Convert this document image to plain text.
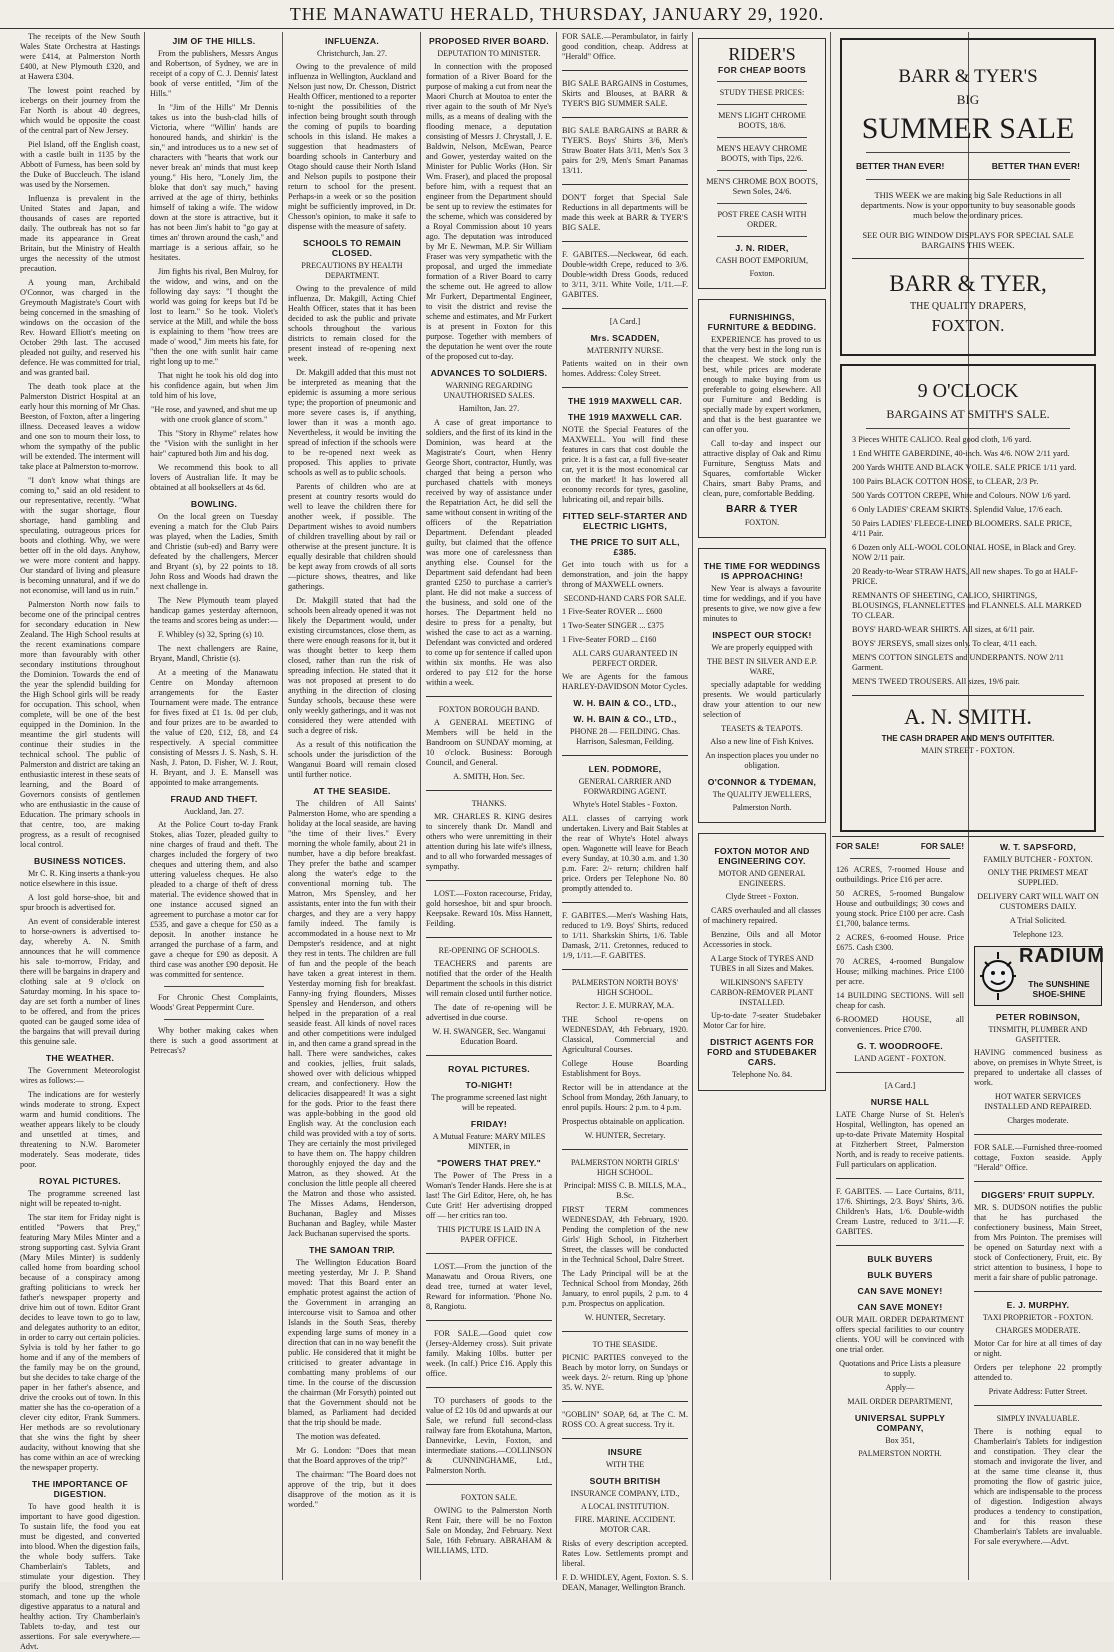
THE MANAWATU HERALD, THURSDAY, JANUARY 29, 1920.

The receipts of the New South Wales State Orchestra at Hastings were £414, at Palmerston North £400, at New Plymouth £320, and at Hawera £304.

The lowest point reached by icebergs on their journey from the Far North is about 40 degrees, which would be opposite the coast of the central part of New Jersey.

Piel Island, off the English coast, with a castle built in 1135 by the Abbott of Furness, has been sold by the Duke of Buccleuch. The island was used by the Norsemen.

Influenza is prevalent in the United States and Japan, and thousands of cases are reported daily. The outbreak has not so far made its appearance in Great Britain, but the Ministry of Health urges the necessity of the utmost precaution.

A young man, Archibald O'Connor, was charged in the Greymouth Magistrate's Court with being concerned in the smashing of windows on the occasion of the Rev. Howard Elliott's meeting on October 29th last. The accused pleaded not guilty, and reserved his defence. He was committed for trial, and was granted bail.

The death took place at the Palmerston District Hospital at an early hour this morning of Mr Chas. Beeston, of Foxton, after a lingering illness. Deceased leaves a widow and one son to mourn their loss, to whom the sympathy of the public will be extended. The interment will take place at Palmerston to-morrow.

"I don't know what things are coming to," said an old resident to our representative, recently. "What with the sugar shortage, flour shortage, hand gambling and speculating, outrageous prices for boots and clothing. Why, we were better off in the old days. Anyhow, we were more content and happy. Our standard of living and pleasure is becoming unnatural, and if we do not economise, will land us in ruin."

Palmerston North now fails to become one of the principal centres for secondary education in New Zealand. The High School results at the recent examinations compare more than favourably with other secondary institutions throughout the Dominion. Towards the end of the year the splendid building for the High School girls will be ready for occupation. This school, when complete, will be one of the best equipped in the Dominion. In the meantime the girl students will continue their studies in the technical school. The public of Palmerston and district are taking an enthusiastic interest in these seats of learning, and the Board of Governors consists of gentlemen who are enthusiastic in the cause of Education. The primary schools in that centre, too, are making progress, as a result of recognised local control.

BUSINESS NOTICES.

Mr C. R. King inserts a thank-you notice elsewhere in this issue.

A lost gold horse-shoe, bit and spur brooch is advertised for.

An event of considerable interest to horse-owners is advertised to-day, whereby A. N. Smith announces that he will commence his sale to-morrow, Friday, and there will be bargains in drapery and clothing sale at 9 o'clock on Saturday morning. In his space to-day are set forth a number of lines to be offered, and from the prices quoted can be gauged some idea of the bargains that will prevail during this genuine sale.

THE WEATHER.

The Government Meteorologist wires as follows:—

The indications are for westerly winds moderate to strong. Expect warm and humid conditions. The weather appears likely to be cloudy and unsettled at times, and threatening to N.W. Barometer moderately. Seas moderate, tides poor.

ROYAL PICTURES.

The programme screened last night will be repeated to-night.

The star item for Friday night is entitled "Powers that Prey," featuring Mary Miles Minter and a strong supporting cast. Sylvia Grant (Mary Miles Minter) is suddenly called home from boarding school because of a conspiracy among grafting politicians to wreck her father's newspaper property and drive him out of town. Editor Grant decides to leave town to go to law, and delegates authority to an editor, in order to carry out certain policies. Sylvia is told by her father to go home and if any of the members of the family may be on the ground, but she decides to take charge of the paper in her father's absence, and drive the crooks out of town. In this matter she has the co-operation of a clever city editor, Frank Summers. Her methods are so revolutionary that she wins the fight by sheer audacity, without knowing that she has come within an ace of wrecking the newspaper property.

THE IMPORTANCE OF DIGESTION.

To have good health it is important to have good digestion. To sustain life, the food you eat must be digested, and converted into blood. When the digestion fails, the whole body suffers. Take Chamberlain's Tablets, and stimulate your digestion. They purify the blood, strengthen the stomach, and tone up the whole digestive apparatus to a natural and healthy action. Try Chamberlain's Tablets to-day, and test our assertions. For sale everywhere.—Advt.

JIM OF THE HILLS.

From the publishers, Messrs Angus and Robertson, of Sydney, we are in receipt of a copy of C. J. Dennis' latest book of verse entitled, "Jim of the Hills."

In "Jim of the Hills" Mr Dennis takes us into the bush-clad hills of Victoria, where "Willin' hands are honoured hands, and shirkin' is the sin," and introduces us to a new set of characters with "hearts that work our never break an' minds that must keep young." His hero, "Lonely Jim, the bloke that don't say much," having arrived at the age of thirty, bethinks himself of taking a wife. The widow down at the store is attractive, but it has not been Jim's habit to "go gay at times an' thrown around the cash," and marriage is a serious affair, so he hesitates.

Jim fights his rival, Ben Mulroy, for the widow, and wins, and on the following day says: "I thought the world was going for keeps but I'd be lost to learn." So he took. Violet's service at the Mill, and while the boss is explaining to them "how trees are made o' wood," Jim meets his fate, for "then the one with sunlit hair came right long up to me."

That night he took his old dog into his confidence again, but when Jim told him of his love,

"He rose, and yawned, and shut me up with one crook glance of scorn."

This "Story in Rhyme" relates how the "Vision with the sunlight in her hair" captured both Jim and his dog.

We recommend this book to all lovers of Australian life. It may be obtained at all booksellers at 4s 6d.

BOWLING.

On the local green on Tuesday evening a match for the Club Pairs was played, when the Ladies, Smith and Christie (sub-ed) and Barry were defeated by the challengers, Mercer and Bryant (s), by 22 points to 18. John Ross and Woods had drawn the next challenge in.

The New Plymouth team played handicap games yesterday afternoon, the teams and scores being as under:—

F. Whibley (s) 32, Spring (s) 10.

The next challengers are Raine, Bryant, Mandl, Christie (s).

At a meeting of the Manawatu Centre on Monday afternoon arrangements for the Easter Tournament were made. The entrance for fives fixed at £1 1s. 0d per club, and four prizes are to be awarded to the value of £20, £12, £8, and £4 respectively. A special committee consisting of Messrs J. S. Nash, S. H. Nash, J. Paton, D. Fisher, W. J. Rout, H. Bryant, and J. E. Mansell was appointed to make arrangements.

FRAUD AND THEFT.
Auckland, Jan. 27.

At the Police Court to-day Frank Stokes, alias Tozer, pleaded guilty to nine charges of fraud and theft. The charges included the forgery of two cheques and uttering them, and also uttering valueless cheques. He also pleaded to a charge of theft of dress material. The evidence showed that in one instance accused signed an agreement to purchase a motor car for £535, and gave a cheque for £50 as a deposit. In another instance he arranged the purchase of a farm, and gave a cheque for £90 as deposit. A third case was another £90 deposit. He was committed for sentence.

For Chronic Chest Complaints, Woods' Great Peppermint Cure.

Why bother making cakes when there is such a good assortment at Petrecas's?

INFLUENZA.
Christchurch, Jan. 27.

Owing to the prevalence of mild influenza in Wellington, Auckland and Nelson just now, Dr. Chesson, District Health Officer, mentioned to a reporter to-night the possibilities of the infection being brought south through the coming of pupils to boarding schools in this island. He makes a suggestion that headmasters of boarding schools in Canterbury and Otago should cause their North Island and Nelson pupils to postpone their return to school for the present. Perhaps-in a week or so the position might be sufficiently improved, in Dr. Chesson's opinion, to make it safe to dispense with the measure of safety.

SCHOOLS TO REMAIN CLOSED.
PRECAUTIONS BY HEALTH DEPARTMENT.

Owing to the prevalence of mild influenza, Dr. Makgill, Acting Chief Health Officer, states that it has been decided to ask the public and private schools throughout the various districts to remain closed for the present instead of re-opening next week.

Dr. Makgill added that this must not be interpreted as meaning that the epidemic is assuming a more serious type; the proportion of pneumonic and more severe cases is, if anything, lower than it was a month ago. Nevertheless, it would be inviting the spread of infection if the schools were to be re-opened next week as proposed. This applies to private schools as well as to public schools.

Parents of children who are at present at country resorts would do well to leave the children there for another week, if possible. The Department wishes to avoid numbers of children travelling about by rail or otherwise at the present juncture. It is equally desirable that children should be kept away from crowds of all sorts—picture shows, theatres, and like gatherings.

Dr. Makgill stated that had the schools been already opened it was not likely the Department would, under existing circumstances, close them, as there were enough reasons for it, but it was thought better to keep them closed, rather than run the risk of spreading infection. He stated that it was not proposed at present to do anything in the direction of closing Sunday schools, because these were only weekly gatherings, and it was not considered they were attended with such a degree of risk.

As a result of this notification the schools under the jurisdiction of the Wanganui Board will remain closed until further notice.

AT THE SEASIDE.

The children of All Saints' Palmerston Home, who are spending a holiday at the local seaside, are having "the time of their lives." Every morning the whole family, about 21 in number, have a dip before breakfast. They prefer the bathe and scamper along the water's edge to the conventional morning tub. The Matron, Mrs Spensley, and her assistants, enter into the fun with their charges, and they are a very happy family indeed. The family is accommodated in a house next to Mr Dempster's residence, and at night they rest in tents. The children are full of fun and the people of the beach have taken a great interest in them. Yesterday morning fish for breakfast. Fanny-ing frying flounders, Misses Spensley and Henderson, and others helped in the preparation of a real seaside feast. All kinds of novel races and other competitions were indulged in, and then came a grand spread in the hall. There were sandwiches, cakes and cookies, jellies, fruit salads, showed over with delicious whipped cream, and confectionery. How the delicacies disappeared! It was a sight for the gods. Prior to the feast there was apple-bobbing in the good old English way. At the conclusion each child was provided with a toy of sorts. They are certainly the most privileged to have them on. The happy children thoroughly enjoyed the day and the Matron, as they showed. At the conclusion the little people all cheered the Matron and those who assisted. The Misses Adams, Henderson, Buchanan, Bagley and Misses Buchanan and Bagley, while Master Jack Buchanan supervised the sports.

THE SAMOAN TRIP.

The Wellington Education Board meeting yesterday, Mr J. P. Shand moved: That this Board enter an emphatic protest against the action of the Government in arranging an intercourse visit to Samoa and other Islands in the South Seas, thereby expending large sums of money in a direction that can in no way benefit the public. He considered that it might be criticised to greater advantage in combatting many problems of our time. In the course of the discussion the chairman (Mr Forsyth) pointed out that the Government should not be blamed, as Parliament had decided that the trip should be made.

The motion was defeated.

Mr G. London: "Does that mean that the Board approves of the trip?"

The chairman: "The Board does not approve of the trip, but it does disapprove of the motion as it is worded."

PROPOSED RIVER BOARD.
DEPUTATION TO MINISTER.

In connection with the proposed formation of a River Board for the purpose of making a cut from near the Maori Church at Moutoa to enter the river again to the south of Mr Nye's mills, as a means of dealing with the flooding menace, a deputation consisting of Messrs J. Chrystall, J. E. Baldwin, Nelson, McEwan, Pearce and Gower, yesterday waited on the Minister for Public Works (Hon. Sir Wm. Fraser), and placed the proposal before him, with a request that an engineer from the Department should be sent up to review the estimates for the scheme, which was considered by a Royal Commission about 10 years ago. The deputation was introduced by Mr E. Newman, M.P. Sir William Fraser was very sympathetic with the proposal, and urged the immediate formation of a River Board to carry the scheme out. He agreed to allow Mr Furkert, Departmental Engineer, to visit the district and revise the scheme and estimates, and Mr Furkert is at present in Foxton for this purpose. Together with members of the deputation he went over the route of the proposed cut to-day.

ADVANCES TO SOLDIERS.
WARNING REGARDING UNAUTHORISED SALES.

Hamilton, Jan. 27.

A case of great importance to soldiers, and the first of its kind in the Dominion, was heard at the Magistrate's Court, when Henry George Short, contractor, Huntly, was charged that being a person who purchased chattels with moneys received by way of assistance under the Repatriation Act, he did sell the same without consent in writing of the officers of the Repatriation Department. Defendant pleaded guilty, but claimed that the offence was more one of carelessness than anything else. Counsel for the Department said defendant had been granted £250 to purchase a carrier's plant. He did not make a success of the business, and sold one of the horses. The Department held no desire to press for a penalty, but wished the case to act as a warning. Defendant was convicted and ordered to come up for sentence if called upon within six months. He was also ordered to pay £12 for the horse within a week.

FOXTON BOROUGH BAND.

A GENERAL MEETING of Members will be held in the Bandroom on SUNDAY morning, at 10 o'clock. Business: Borough Council, and General.

A. SMITH, Hon. Sec.

THANKS.

MR. CHARLES R. KING desires to sincerely thank Dr. Mandl and others who were unremitting in their attention during his late wife's illness, and to all who forwarded messages of sympathy.

LOST.—Foxton racecourse, Friday, gold horseshoe, bit and spur brooch. Keepsake. Reward 10s. Miss Hannett, Feilding.

RE-OPENING OF SCHOOLS.

TEACHERS and parents are notified that the order of the Health Department the schools in this district will remain closed until further notice.

The date of re-opening will be advertised in due course.

W. H. SWANGER, Sec. Wanganui Education Board.

ROYAL PICTURES.
TO-NIGHT!

The programme screened last night will be repeated.

FRIDAY!

A Mutual Feature: MARY MILES MINTER, in

"POWERS THAT PREY."

The Power of The Press in a Woman's Tender Hands. Here she is at last! The Girl Editor, Here, oh, he has Cute Grit! Her advertising dropped off — her critics ran too.

THIS PICTURE IS LAID IN A PAPER OFFICE.

LOST.—From the junction of the Manawatu and Oroua Rivers, one dead tree, turned at water level, Reward for information. 'Phone No. 8, Rangiotu.

FOR SALE.—Good quiet cow (Jersey-Alderney cross). Suit private family. Making 10lbs. butter per week. (In calf.) Price £16. Apply this office.

TO purchasers of goods to the value of £2 10s 0d and upwards at our Sale, we refund full second-class railway fare from Ekotahuna, Marton, Dannevirke, Levin, Foxton, and intermediate stations.—COLLINSON & CUNNINGHAME, Ltd., Palmerston North.

FOXTON SALE.

OWING to the Palmerston North Rent Fair, there will be no Foxton Sale on Monday, 2nd February. Next Sale, 16th February. ABRAHAM & WILLIAMS, LTD.

FOR SALE.—Perambulator, in fairly good condition, cheap. Address at "Herald" Office.

BIG SALE BARGAINS in Costumes, Skirts and Blouses, at BARR & TYER'S BIG SUMMER SALE.

BIG SALE BARGAINS at BARR & TYER'S. Boys' Shirts 3/6, Men's Straw Boater Hats 3/11, Men's Sox 3 pairs for 2/9, Men's Smart Panamas 13/11.

DON'T forget that Special Sale Reductions in all departments will be made this week at BARR & TYER'S BIG SALE.

F. GABITES.—Neckwear, 6d each. Double-width Crepe, reduced to 3/6. Double-width Dress Goods, reduced to 3/11, 3/11. White Voile, 1/11.—F. GABITES.

[A Card.]
Mrs. SCADDEN,
MATERNITY NURSE.

Patients waited on in their own homes. Address: Coley Street.

THE 1919 MAXWELL CAR.
THE 1919 MAXWELL CAR.

NOTE the Special Features of the MAXWELL. You will find these features in cars that cost double the price. It is a fast car, a full five-seater car, yet it is the most economical car on the market! It has lowered all economy records for tyres, gasoline, lubricating oil, and repair bills.

FITTED SELF-STARTER AND ELECTRIC LIGHTS,
THE PRICE TO SUIT ALL, £385.

Get into touch with us for a demonstration, and join the happy throng of MAXWELL owners.

SECOND-HAND CARS FOR SALE.

1 Five-Seater ROVER ... £600

1 Two-Seater SINGER ... £375

1 Five-Seater FORD ... £160

ALL CARS GUARANTEED IN PERFECT ORDER.

We are Agents for the famous HARLEY-DAVIDSON Motor Cycles.

W. H. BAIN & CO., LTD.,
W. H. BAIN & CO., LTD.,

PHONE 28 — FEILDING. Chas. Harrison, Salesman, Feilding.

LEN. PODMORE,
GENERAL CARRIER AND FORWARDING AGENT.

Whyte's Hotel Stables - Foxton.

ALL classes of carrying work undertaken. Livery and Bait Stables at the rear of Whyte's Hotel always open. Wagonette will leave for Beach every Sunday, at 10.30 a.m. and 1.30 p.m. Fare: 2/- return; children half price. Orders per Telephone No. 80 promptly attended to.

F. GABITES.—Men's Washing Hats, reduced to 1/9. Boys' Shirts, reduced to 1/11. Sharkskin Shirts, 1/6. Table Damask, 2/11. Cretonnes, reduced to 1/9, 1/11.—F. GABITES.

PALMERSTON NORTH BOYS' HIGH SCHOOL.

Rector: J. E. MURRAY, M.A.

THE School re-opens on WEDNESDAY, 4th February, 1920. Classical, Commercial and Agricultural Courses.

College House Boarding Establishment for Boys.

Rector will be in attendance at the School from Monday, 26th January, to enrol pupils. Hours: 2 p.m. to 4 p.m.

Prospectus obtainable on application.

W. HUNTER, Secretary.

PALMERSTON NORTH GIRLS' HIGH SCHOOL.

Principal: MISS C. B. MILLS, M.A., B.Sc.

FIRST TERM commences WEDNESDAY, 4th February, 1920. Pending the completion of the new Girls' High School, in Fitzherbert Street, the classes will be conducted in the Technical School, Dalre Street.

The Lady Principal will be at the Technical School from Monday, 26th January, to enrol pupils, 2 p.m. to 4 p.m. Prospectus on application.

W. HUNTER, Secretary.

TO THE SEASIDE.

PICNIC PARTIES conveyed to the Beach by motor lorry, on Sundays or week days. 2/- return. Ring up 'phone 35. W. NYE.

"GOBLIN" SOAP, 6d, at The C. M. ROSS CO. A great success. Try it.

INSURE
WITH THE
SOUTH BRITISH
INSURANCE COMPANY, LTD.,
A LOCAL INSTITUTION.

FIRE. MARINE. ACCIDENT. MOTOR CAR.

Risks of every description accepted. Rates Low. Settlements prompt and liberal.

F. D. WHIDLEY, Agent, Foxton. S. S. DEAN, Manager, Wellington Branch.

RIDER'S
FOR CHEAP BOOTS
STUDY THESE PRICES:

MEN'S LIGHT CHROME BOOTS, 18/6.

MEN'S HEAVY CHROME BOOTS, with Tips, 22/6.

MEN'S CHROME BOX BOOTS, Sewn Soles, 24/6.

POST FREE CASH WITH ORDER.

J. N. RIDER,
CASH BOOT EMPORIUM,
Foxton.
FURNISHINGS, FURNITURE & BEDDING.

EXPERIENCE has proved to us that the very best in the long run is the cheapest. We stock only the best, while prices are moderate enough to make buying from us preferable to going elsewhere. All our Furniture and Bedding is specially made by expert workmen, and that is the best guarantee we can offer you.

Call to-day and inspect our attractive display of Oak and Rimu Furniture, Sengtuss Mats and Squares, comfortable Wicker Chairs, smart Baby Prams, and clean, pure, comfortable Bedding.

BARR & TYER
FOXTON.
THE TIME FOR WEDDINGS IS APPROACHING!

New Year is always a favourite time for weddings, and if you have presents to give, we now give a few minutes to

INSPECT OUR STOCK!

We are properly equipped with

THE BEST IN SILVER AND E.P. WARE,

specially adaptable for wedding presents. We would particularly draw your attention to our new selection of

TEASETS & TEAPOTS.

Also a new line of Fish Knives.

An inspection places you under no obligation.

O'CONNOR & TYDEMAN,
The QUALITY JEWELLERS,
Palmerston North.
FOXTON MOTOR AND ENGINEERING COY.
MOTOR AND GENERAL ENGINEERS.

Clyde Street - Foxton.

CARS overhauled and all classes of machinery repaired.

Benzine, Oils and all Motor Accessories in stock.

A Large Stock of TYRES AND TUBES in all Sizes and Makes.

WILKINSON'S SAFETY CARBON-REMOVER PLANT INSTALLED.

Up-to-date 7-seater Studebaker Motor Car for hire.

DISTRICT AGENTS FOR FORD and STUDEBAKER CARS.

Telephone No. 84.

BARR & TYER'S
BIG
SUMMER SALE
BETTER THAN EVER!	BETTER THAN EVER!

THIS WEEK we are making big Sale Reductions in all departments. Now is your opportunity to buy seasonable goods much below the ordinary prices.

SEE OUR BIG WINDOW DISPLAYS FOR SPECIAL SALE BARGAINS THIS WEEK.

BARR & TYER,
THE QUALITY DRAPERS,
FOXTON.
9 O'CLOCK
BARGAINS AT SMITH'S SALE.

3 Pieces WHITE CALICO. Real good cloth, 1/6 yard.

1 End WHITE GABERDINE, 40-inch. Was 4/6. NOW 2/11 yard.

200 Yards WHITE AND BLACK VOILE. SALE PRICE 1/11 yard.

100 Pairs BLACK COTTON HOSE, to CLEAR, 2/3 Pr.

500 Yards COTTON CREPE, White and Colours. NOW 1/6 yard.

6 Only LADIES' CREAM SKIRTS. Splendid Value, 17/6 each.

50 Pairs LADIES' FLEECE-LINED BLOOMERS. SALE PRICE, 4/11 Pair.

6 Dozen only ALL-WOOL COLONIAL HOSE, in Black and Grey. NOW 2/11 pair.

20 Ready-to-Wear STRAW HATS, All new shapes. To go at HALF-PRICE.

REMNANTS OF SHEETING, CALICO, SHIRTINGS, BLOUSINGS, FLANNELETTES and FLANNELS. ALL MARKED TO CLEAR.

BOYS' HARD-WEAR SHIRTS. All sizes, at 6/11 pair.

BOYS' JERSEYS, small sizes only. To clear, 4/11 each.

MEN'S COTTON SINGLETS and UNDERPANTS. NOW 2/11 Garment.

MEN'S TWEED TROUSERS. All sizes, 19/6 pair.

A. N. SMITH.
THE CASH DRAPER AND MEN'S OUTFITTER.
MAIN STREET - FOXTON.
FOR SALE!	FOR SALE!

126 ACRES, 7-roomed House and outbuildings. Price £16 per acre.

50 ACRES, 5-roomed Bungalow House and outbuildings; 30 cows and young stock. Price £100 per acre. Cash £1,700, balance terms.

2 ACRES, 6-roomed House. Price £675. Cash £300.

70 ACRES, 4-roomed Bungalow House; milking machines. Price £100 per acre.

14 BUILDING SECTIONS. Will sell cheap for cash.

6-ROOMED HOUSE, all conveniences. Price £700.

G. T. WOODROOFE.
LAND AGENT - FOXTON.
[A Card.]
NURSE HALL

LATE Charge Nurse of St. Helen's Hospital, Wellington, has opened an up-to-date Private Maternity Hospital at Fitzherbert Street, Palmerston North, and is ready to receive patients. Full particulars on application.

F. GABITES. — Lace Curtains, 8/11, 17/6. Shirtings, 2/3. Boys' Shirts, 3/6. Children's Hats, 1/6. Double-width Cream Lustre, reduced to 3/11.—F. GABITES.

BULK BUYERS
BULK BUYERS
CAN SAVE MONEY!
CAN SAVE MONEY!

OUR MAIL ORDER DEPARTMENT offers special facilities to our country clients. YOU will be convinced with one trial order.

Quotations and Price Lists a pleasure to supply.

Apply—

MAIL ORDER DEPARTMENT,
UNIVERSAL SUPPLY COMPANY,
Box 351,
PALMERSTON NORTH.
W. T. SAPSFORD,
FAMILY BUTCHER - FOXTON.

ONLY THE PRIMEST MEAT SUPPLIED.

DELIVERY CART WILL WAIT ON CUSTOMERS DAILY.

A Trial Solicited.

Telephone 123.

RADIUM
The SUNSHINE SHOE-SHINE
PETER ROBINSON,
TINSMITH, PLUMBER AND GASFITTER.

HAVING commenced business as above, on premises in Whyte Street, is prepared to undertake all classes of work.

HOT WATER SERVICES INSTALLED AND REPAIRED.

Charges moderate.

FOR SALE.—Furnished three-roomed cottage, Foxton seaside. Apply "Herald" Office.

DIGGERS' FRUIT SUPPLY.

MR. S. DUDSON notifies the public that he has purchased the confectionery business, Main Street, from Mrs Pointon. The premises will be opened on Saturday next with a stock of Confectionery, Fruit, etc. By strict attention to business, I hope to merit a fair share of public patronage.

E. J. MURPHY.
TAXI PROPRIETOR - FOXTON.
CHARGES MODERATE.

Motor Car for hire at all times of day or night.

Orders per telephone 22 promptly attended to.

Private Address: Futter Street.

SIMPLY INVALUABLE.

There is nothing equal to Chamberlain's Tablets for indigestion and constipation. They clear the stomach and invigorate the liver, and at the same time cleanse it, thus promoting the flow of gastric juice, which are indispensable to the process of digestion. Indigestion always produces a tendency to constipation, and for this reason these Chamberlain's Tablets are invaluable. For sale everywhere.—Advt.
